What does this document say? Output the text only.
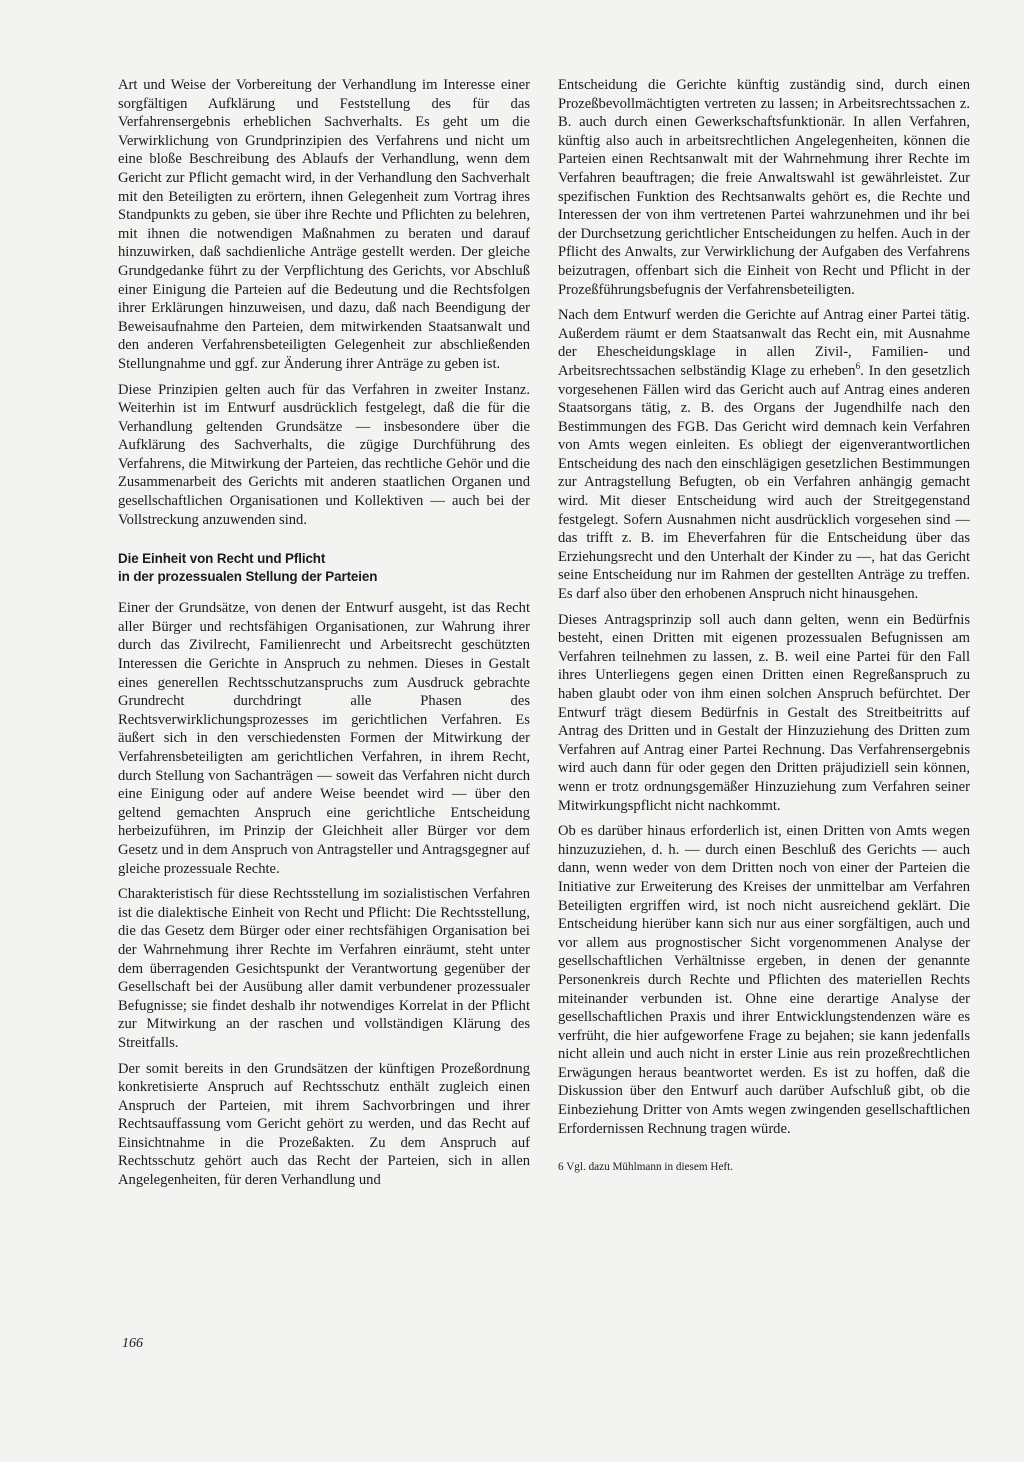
Art und Weise der Vorbereitung der Verhandlung im Interesse einer sorgfältigen Aufklärung und Feststellung des für das Verfahrensergebnis erheblichen Sachverhalts. Es geht um die Verwirklichung von Grundprinzipien des Verfahrens und nicht um eine bloße Beschreibung des Ablaufs der Verhandlung, wenn dem Gericht zur Pflicht gemacht wird, in der Verhandlung den Sachverhalt mit den Beteiligten zu erörtern, ihnen Gelegenheit zum Vortrag ihres Standpunkts zu geben, sie über ihre Rechte und Pflichten zu belehren, mit ihnen die notwendigen Maßnahmen zu beraten und darauf hinzuwirken, daß sachdienliche Anträge gestellt werden. Der gleiche Grundgedanke führt zu der Verpflichtung des Gerichts, vor Abschluß einer Einigung die Parteien auf die Bedeutung und die Rechtsfolgen ihrer Erklärungen hinzuweisen, und dazu, daß nach Beendigung der Beweisaufnahme den Parteien, dem mitwirkenden Staatsanwalt und den anderen Verfahrensbeteiligten Gelegenheit zur abschließenden Stellungnahme und ggf. zur Änderung ihrer Anträge zu geben ist.

Diese Prinzipien gelten auch für das Verfahren in zweiter Instanz. Weiterhin ist im Entwurf ausdrücklich festgelegt, daß die für die Verhandlung geltenden Grundsätze — insbesondere über die Aufklärung des Sachverhalts, die zügige Durchführung des Verfahrens, die Mitwirkung der Parteien, das rechtliche Gehör und die Zusammenarbeit des Gerichts mit anderen staatlichen Organen und gesellschaftlichen Organisationen und Kollektiven — auch bei der Vollstreckung anzuwenden sind.

Die Einheit von Recht und Pflicht
in der prozessualen Stellung der Parteien

Einer der Grundsätze, von denen der Entwurf ausgeht, ist das Recht aller Bürger und rechtsfähigen Organisationen, zur Wahrung ihrer durch das Zivilrecht, Familienrecht und Arbeitsrecht geschützten Interessen die Gerichte in Anspruch zu nehmen. Dieses in Gestalt eines generellen Rechtsschutzanspruchs zum Ausdruck gebrachte Grundrecht durchdringt alle Phasen des Rechtsverwirklichungsprozesses im gerichtlichen Verfahren. Es äußert sich in den verschiedensten Formen der Mitwirkung der Verfahrensbeteiligten am gerichtlichen Verfahren, in ihrem Recht, durch Stellung von Sachanträgen — soweit das Verfahren nicht durch eine Einigung oder auf andere Weise beendet wird — über den geltend gemachten Anspruch eine gerichtliche Entscheidung herbeizuführen, im Prinzip der Gleichheit aller Bürger vor dem Gesetz und in dem Anspruch von Antragsteller und Antragsgegner auf gleiche prozessuale Rechte.

Charakteristisch für diese Rechtsstellung im sozialistischen Verfahren ist die dialektische Einheit von Recht und Pflicht: Die Rechtsstellung, die das Gesetz dem Bürger oder einer rechtsfähigen Organisation bei der Wahrnehmung ihrer Rechte im Verfahren einräumt, steht unter dem überragenden Gesichtspunkt der Verantwortung gegenüber der Gesellschaft bei der Ausübung aller damit verbundener prozessualer Befugnisse; sie findet deshalb ihr notwendiges Korrelat in der Pflicht zur Mitwirkung an der raschen und vollständigen Klärung des Streitfalls.

Der somit bereits in den Grundsätzen der künftigen Prozeßordnung konkretisierte Anspruch auf Rechtsschutz enthält zugleich einen Anspruch der Parteien, mit ihrem Sachvorbringen und ihrer Rechtsauffassung vom Gericht gehört zu werden, und das Recht auf Einsichtnahme in die Prozeßakten. Zu dem Anspruch auf Rechtsschutz gehört auch das Recht der Parteien, sich in allen Angelegenheiten, für deren Verhandlung und

Entscheidung die Gerichte künftig zuständig sind, durch einen Prozeßbevollmächtigten vertreten zu lassen; in Arbeitsrechtssachen z. B. auch durch einen Gewerkschaftsfunktionär. In allen Verfahren, künftig also auch in arbeitsrechtlichen Angelegenheiten, können die Parteien einen Rechtsanwalt mit der Wahrnehmung ihrer Rechte im Verfahren beauftragen; die freie Anwaltswahl ist gewährleistet. Zur spezifischen Funktion des Rechtsanwalts gehört es, die Rechte und Interessen der von ihm vertretenen Partei wahrzunehmen und ihr bei der Durchsetzung gerichtlicher Entscheidungen zu helfen. Auch in der Pflicht des Anwalts, zur Verwirklichung der Aufgaben des Verfahrens beizutragen, offenbart sich die Einheit von Recht und Pflicht in der Prozeßführungsbefugnis der Verfahrensbeteiligten.

Nach dem Entwurf werden die Gerichte auf Antrag einer Partei tätig. Außerdem räumt er dem Staatsanwalt das Recht ein, mit Ausnahme der Ehescheidungsklage in allen Zivil-, Familien- und Arbeitsrechtssachen selbständig Klage zu erheben$^6$. In den gesetzlich vorgesehenen Fällen wird das Gericht auch auf Antrag eines anderen Staatsorgans tätig, z. B. des Organs der Jugendhilfe nach den Bestimmungen des FGB. Das Gericht wird demnach kein Verfahren von Amts wegen einleiten. Es obliegt der eigenverantwortlichen Entscheidung des nach den einschlägigen gesetzlichen Bestimmungen zur Antragstellung Befugten, ob ein Verfahren anhängig gemacht wird. Mit dieser Entscheidung wird auch der Streitgegenstand festgelegt. Sofern Ausnahmen nicht ausdrücklich vorgesehen sind — das trifft z. B. im Eheverfahren für die Entscheidung über das Erziehungsrecht und den Unterhalt der Kinder zu —, hat das Gericht seine Entscheidung nur im Rahmen der gestellten Anträge zu treffen. Es darf also über den erhobenen Anspruch nicht hinausgehen.

Dieses Antragsprinzip soll auch dann gelten, wenn ein Bedürfnis besteht, einen Dritten mit eigenen prozessualen Befugnissen am Verfahren teilnehmen zu lassen, z. B. weil eine Partei für den Fall ihres Unterliegens gegen einen Dritten einen Regreßanspruch zu haben glaubt oder von ihm einen solchen Anspruch befürchtet. Der Entwurf trägt diesem Bedürfnis in Gestalt des Streitbeitritts auf Antrag des Dritten und in Gestalt der Hinzuziehung des Dritten zum Verfahren auf Antrag einer Partei Rechnung. Das Verfahrensergebnis wird auch dann für oder gegen den Dritten präjudiziell sein können, wenn er trotz ordnungsgemäßer Hinzuziehung zum Verfahren seiner Mitwirkungspflicht nicht nachkommt.

Ob es darüber hinaus erforderlich ist, einen Dritten von Amts wegen hinzuzuziehen, d. h. — durch einen Beschluß des Gerichts — auch dann, wenn weder von dem Dritten noch von einer der Parteien die Initiative zur Erweiterung des Kreises der unmittelbar am Verfahren Beteiligten ergriffen wird, ist noch nicht ausreichend geklärt. Die Entscheidung hierüber kann sich nur aus einer sorgfältigen, auch und vor allem aus prognostischer Sicht vorgenommenen Analyse der gesellschaftlichen Verhältnisse ergeben, in denen der genannte Personenkreis durch Rechte und Pflichten des materiellen Rechts miteinander verbunden ist. Ohne eine derartige Analyse der gesellschaftlichen Praxis und ihrer Entwicklungstendenzen wäre es verfrüht, die hier aufgeworfene Frage zu bejahen; sie kann jedenfalls nicht allein und auch nicht in erster Linie aus rein prozeßrechtlichen Erwägungen heraus beantwortet werden. Es ist zu hoffen, daß die Diskussion über den Entwurf auch darüber Aufschluß gibt, ob die Einbeziehung Dritter von Amts wegen zwingenden gesellschaftlichen Erfordernissen Rechnung tragen würde.

6 Vgl. dazu Mühlmann in diesem Heft.
166
